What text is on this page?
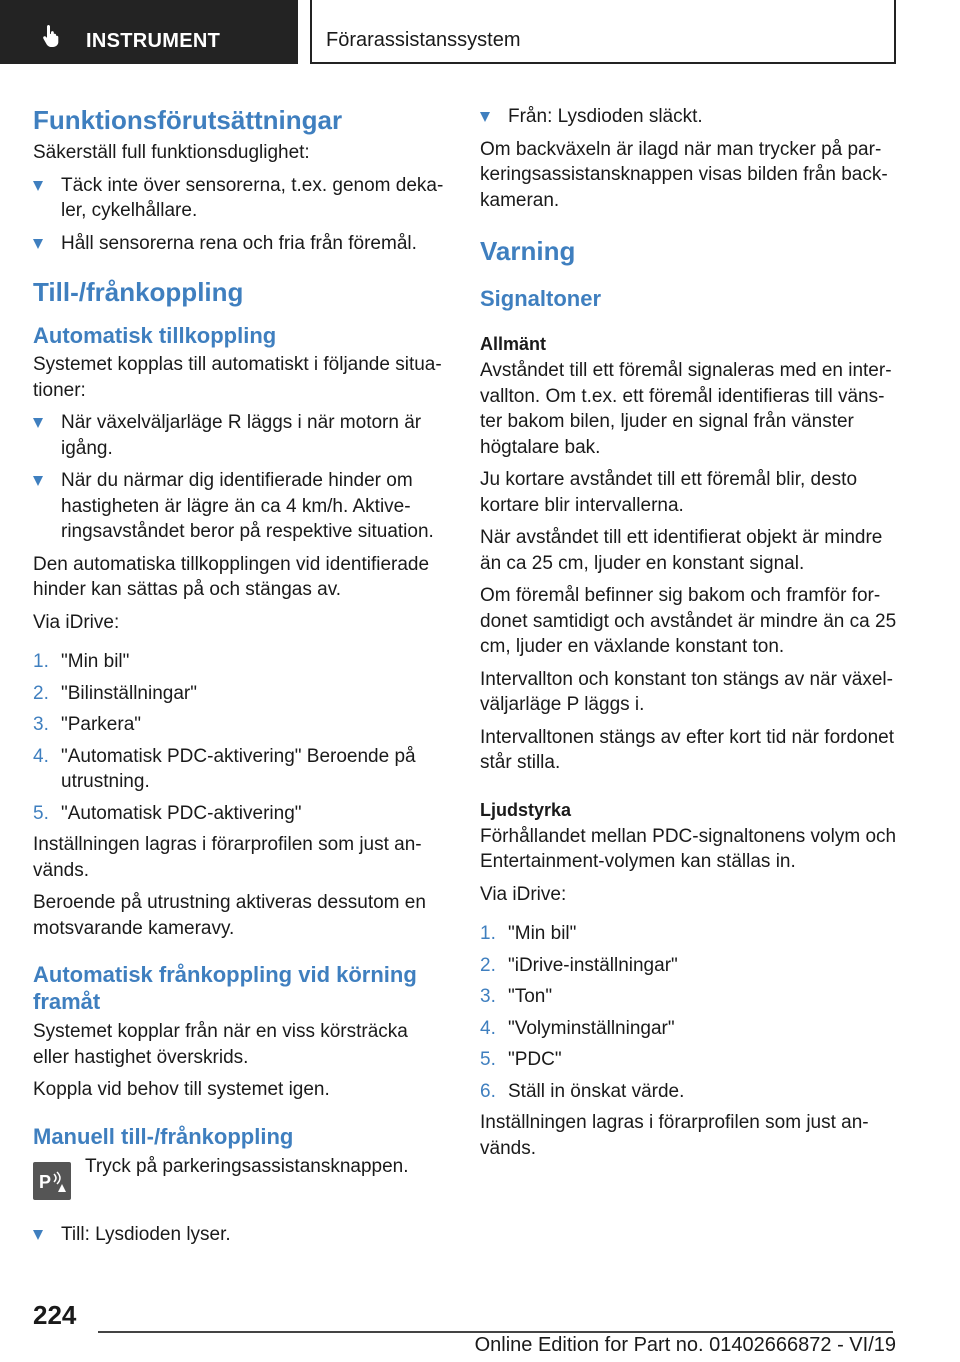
INSTRUMENT	Förarassistanssystem
Funktionsförutsättningar

Säkerställ full funktionsduglighet:

Täck inte över sensorerna, t.ex. genom deka-ler, cykelhållare.
Håll sensorerna rena och fria från föremål.
Till-/frånkoppling
Automatisk tillkoppling

Systemet kopplas till automatiskt i följande situa-tioner:

När växelväljarläge R läggs i när motorn är igång.
När du närmar dig identifierade hinder om hastigheten är lägre än ca 4 km/h. Aktive-ringsavståndet beror på respektive situation.

Den automatiska tillkopplingen vid identifierade hinder kan sättas på och stängas av.

Via iDrive:

1. "Min bil"
2. "Bilinställningar"
3. "Parkera"
4. "Automatisk PDC-aktivering" Beroende på utrustning.
5. "Automatisk PDC-aktivering"

Inställningen lagras i förarprofilen som just an-vänds.

Beroende på utrustning aktiveras dessutom en motsvarande kameravy.

Automatisk frånkoppling vid körning framåt

Systemet kopplar från när en viss körsträcka eller hastighet överskrids.

Koppla vid behov till systemet igen.

Manuell till-/frånkoppling
P

Tryck på parkeringsassistansknappen.

Till: Lysdioden lyser.
Från: Lysdioden släckt.

Om backväxeln är ilagd när man trycker på par-keringsassistansknappen visas bilden från back-kameran.

Varning
Signaltoner
Allmänt

Avståndet till ett föremål signaleras med en inter-vallton. Om t.ex. ett föremål identifieras till väns-ter bakom bilen, ljuder en signal från vänster högtalare bak.

Ju kortare avståndet till ett föremål blir, desto kortare blir intervallerna.

När avståndet till ett identifierat objekt är mindre än ca 25 cm, ljuder en konstant signal.

Om föremål befinner sig bakom och framför for-donet samtidigt och avståndet är mindre än ca 25 cm, ljuder en växlande konstant ton.

Intervallton och konstant ton stängs av när växel-väljarläge P läggs i.

Intervalltonen stängs av efter kort tid när fordonet står stilla.

Ljudstyrka

Förhållandet mellan PDC-signaltonens volym och Entertainment-volymen kan ställas in.

Via iDrive:

1. "Min bil"
2. "iDrive-inställningar"
3. "Ton"
4. "Volyminställningar"
5. "PDC"
6. Ställ in önskat värde.

Inställningen lagras i förarprofilen som just an-vänds.

224
Online Edition for Part no. 01402666872 - VI/19
